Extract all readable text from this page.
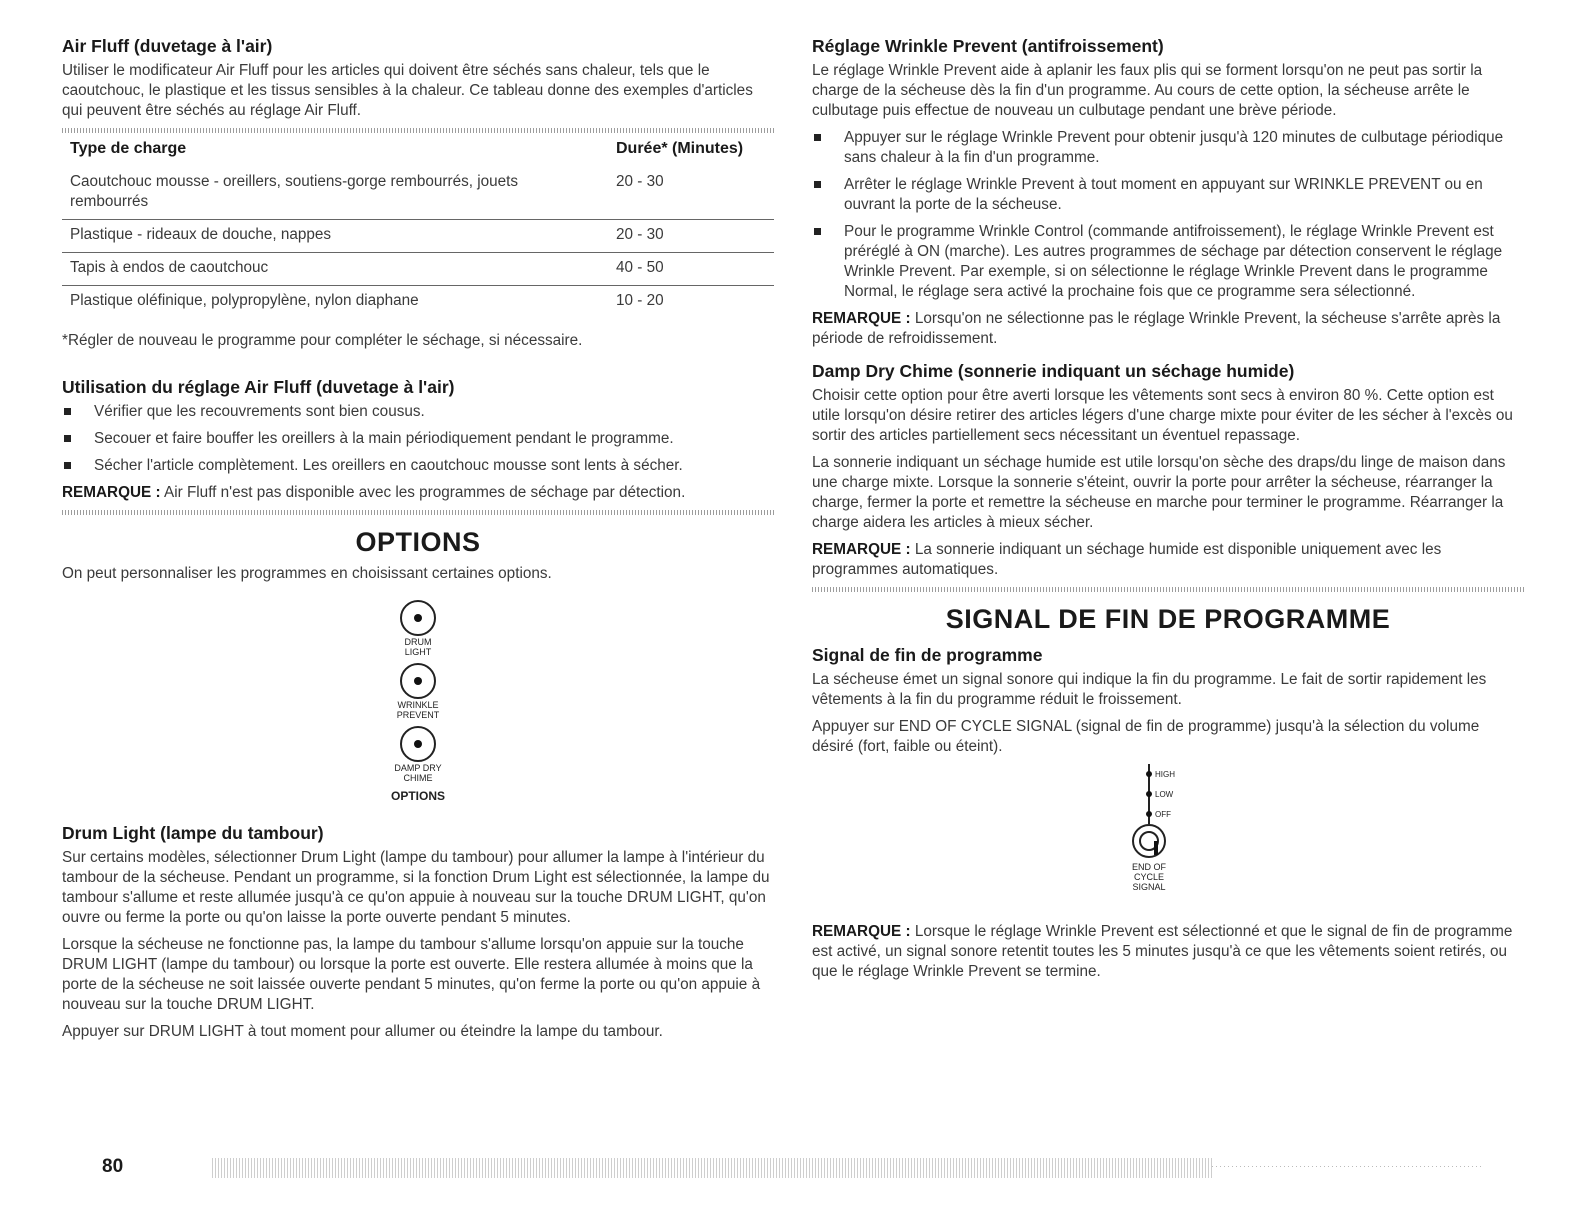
Air Fluff (duvetage à l'air)

Utiliser le modificateur Air Fluff pour les articles qui doivent être séchés sans chaleur, tels que le caoutchouc, le plastique et les tissus sensibles à la chaleur. Ce tableau donne des exemples d'articles qui peuvent être séchés au réglage Air Fluff.

Type de charge	Durée* (Minutes)
Caoutchouc mousse - oreillers, soutiens-gorge rembourrés, jouets rembourrés	20 - 30
Plastique - rideaux de douche, nappes	20 - 30
Tapis à endos de caoutchouc	40 - 50
Plastique oléfinique, polypropylène, nylon diaphane	10 - 20

*Régler de nouveau le programme pour compléter le séchage, si nécessaire.

Utilisation du réglage Air Fluff (duvetage à l'air)
Vérifier que les recouvrements sont bien cousus.
Secouer et faire bouffer les oreillers à la main périodiquement pendant le programme.
Sécher l'article complètement. Les oreillers en caoutchouc mousse sont lents à sécher.

REMARQUE : Air Fluff n'est pas disponible avec les programmes de séchage par détection.

OPTIONS

On peut personnaliser les programmes en choisissant certaines options.

DRUM
LIGHT
WRINKLE
PREVENT
DAMP DRY
CHIME
OPTIONS
Drum Light (lampe du tambour)

Sur certains modèles, sélectionner Drum Light (lampe du tambour) pour allumer la lampe à l'intérieur du tambour de la sécheuse. Pendant un programme, si la fonction Drum Light est sélectionnée, la lampe du tambour s'allume et reste allumée jusqu'à ce qu'on appuie à nouveau sur la touche DRUM LIGHT, qu'on ouvre ou ferme la porte ou qu'on laisse la porte ouverte pendant 5 minutes.

Lorsque la sécheuse ne fonctionne pas, la lampe du tambour s'allume lorsqu'on appuie sur la touche DRUM LIGHT (lampe du tambour) ou lorsque la porte est ouverte. Elle restera allumée à moins que la porte de la sécheuse ne soit laissée ouverte pendant 5 minutes, qu'on ferme la porte ou qu'on appuie à nouveau sur la touche DRUM LIGHT.

Appuyer sur DRUM LIGHT à tout moment pour allumer ou éteindre la lampe du tambour.

Réglage Wrinkle Prevent (antifroissement)

Le réglage Wrinkle Prevent aide à aplanir les faux plis qui se forment lorsqu'on ne peut pas sortir la charge de la sécheuse dès la fin d'un programme. Au cours de cette option, la sécheuse arrête le culbutage puis effectue de nouveau un culbutage pendant une brève période.

Appuyer sur le réglage Wrinkle Prevent pour obtenir jusqu'à 120 minutes de culbutage périodique sans chaleur à la fin d'un programme.
Arrêter le réglage Wrinkle Prevent à tout moment en appuyant sur WRINKLE PREVENT ou en ouvrant la porte de la sécheuse.
Pour le programme Wrinkle Control (commande antifroissement), le réglage Wrinkle Prevent est préréglé à ON (marche). Les autres programmes de séchage par détection conservent le réglage Wrinkle Prevent. Par exemple, si on sélectionne le réglage Wrinkle Prevent dans le programme Normal, le réglage sera activé la prochaine fois que ce programme sera sélectionné.

REMARQUE : Lorsqu'on ne sélectionne pas le réglage Wrinkle Prevent, la sécheuse s'arrête après la période de refroidissement.

Damp Dry Chime (sonnerie indiquant un séchage humide)

Choisir cette option pour être averti lorsque les vêtements sont secs à environ 80 %. Cette option est utile lorsqu'on désire retirer des articles légers d'une charge mixte pour éviter de les sécher à l'excès ou sortir des articles partiellement secs nécessitant un éventuel repassage.

La sonnerie indiquant un séchage humide est utile lorsqu'on sèche des draps/du linge de maison dans une charge mixte. Lorsque la sonnerie s'éteint, ouvrir la porte pour arrêter la sécheuse, réarranger la charge, fermer la porte et remettre la sécheuse en marche pour terminer le programme. Réarranger la charge aidera les articles à mieux sécher.

REMARQUE : La sonnerie indiquant un séchage humide est disponible uniquement avec les programmes automatiques.

SIGNAL DE FIN DE PROGRAMME
Signal de fin de programme

La sécheuse émet un signal sonore qui indique la fin du programme. Le fait de sortir rapidement les vêtements à la fin du programme réduit le froissement.

Appuyer sur END OF CYCLE SIGNAL (signal de fin de programme) jusqu'à la sélection du volume désiré (fort, faible ou éteint).

HIGH
LOW
OFF
END OF
CYCLE
SIGNAL

REMARQUE : Lorsque le réglage Wrinkle Prevent est sélectionné et que le signal de fin de programme est activé, un signal sonore retentit toutes les 5 minutes jusqu'à ce que les vêtements soient retirés, ou que le réglage Wrinkle Prevent se termine.

80
